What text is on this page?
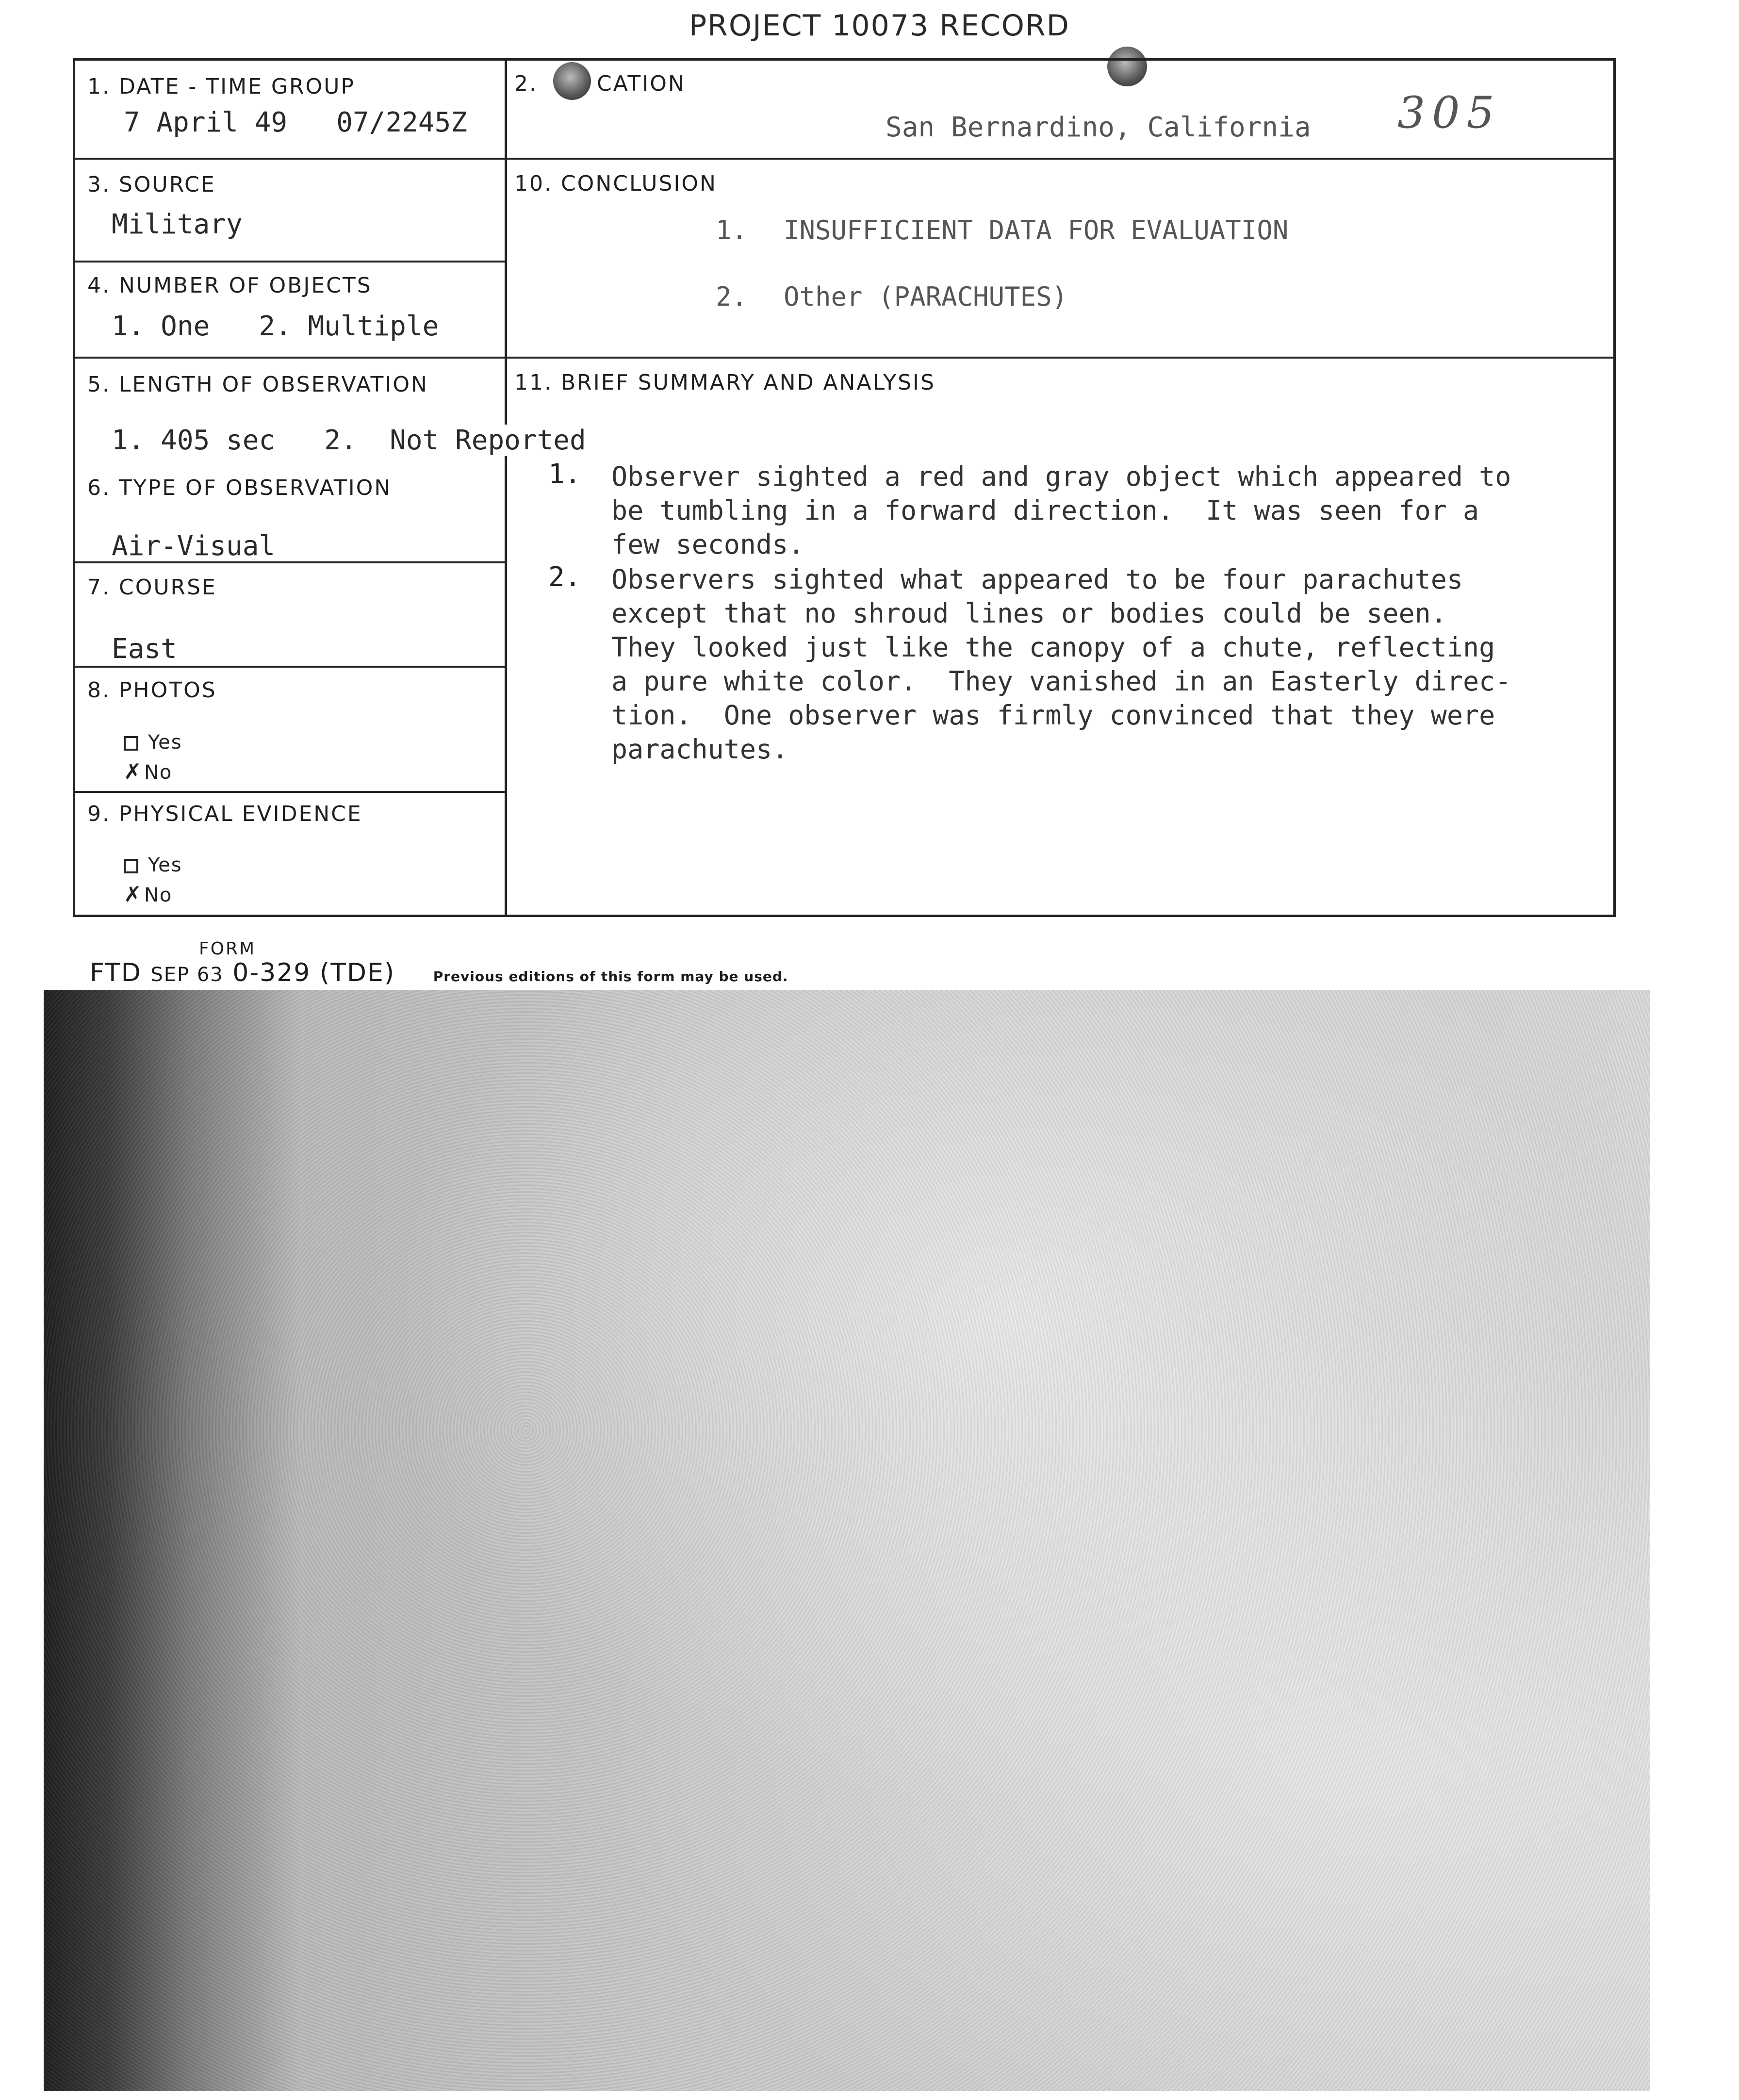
PROJECT 10073 RECORD
1. DATE - TIME GROUP
7 April 49   07/2245Z
2.	CATION
San Bernardino, California
3. SOURCE
Military
4. NUMBER OF OBJECTS
1. One   2. Multiple
5. LENGTH OF OBSERVATION
1. 405 sec   2.  Not Reported
6. TYPE OF OBSERVATION
Air-Visual
7. COURSE
East
8. PHOTOS
Yes
✗No
9. PHYSICAL EVIDENCE
Yes
✗No
10. CONCLUSION
1. INSUFFICIENT DATA FOR EVALUATION
2. Other (PARACHUTES)
11. BRIEF SUMMARY AND ANALYSIS
1. Observer sighted a red and gray object which appeared to
be tumbling in a forward direction.  It was seen for a
few seconds.
2. Observers sighted what appeared to be four parachutes
except that no shroud lines or bodies could be seen.
They looked just like the canopy of a chute, reflecting
a pure white color.  They vanished in an Easterly direc-
tion.  One observer was firmly convinced that they were
parachutes.
305
FORM
FTD SEP 63 0-329 (TDE)	Previous editions of this form may be used.
